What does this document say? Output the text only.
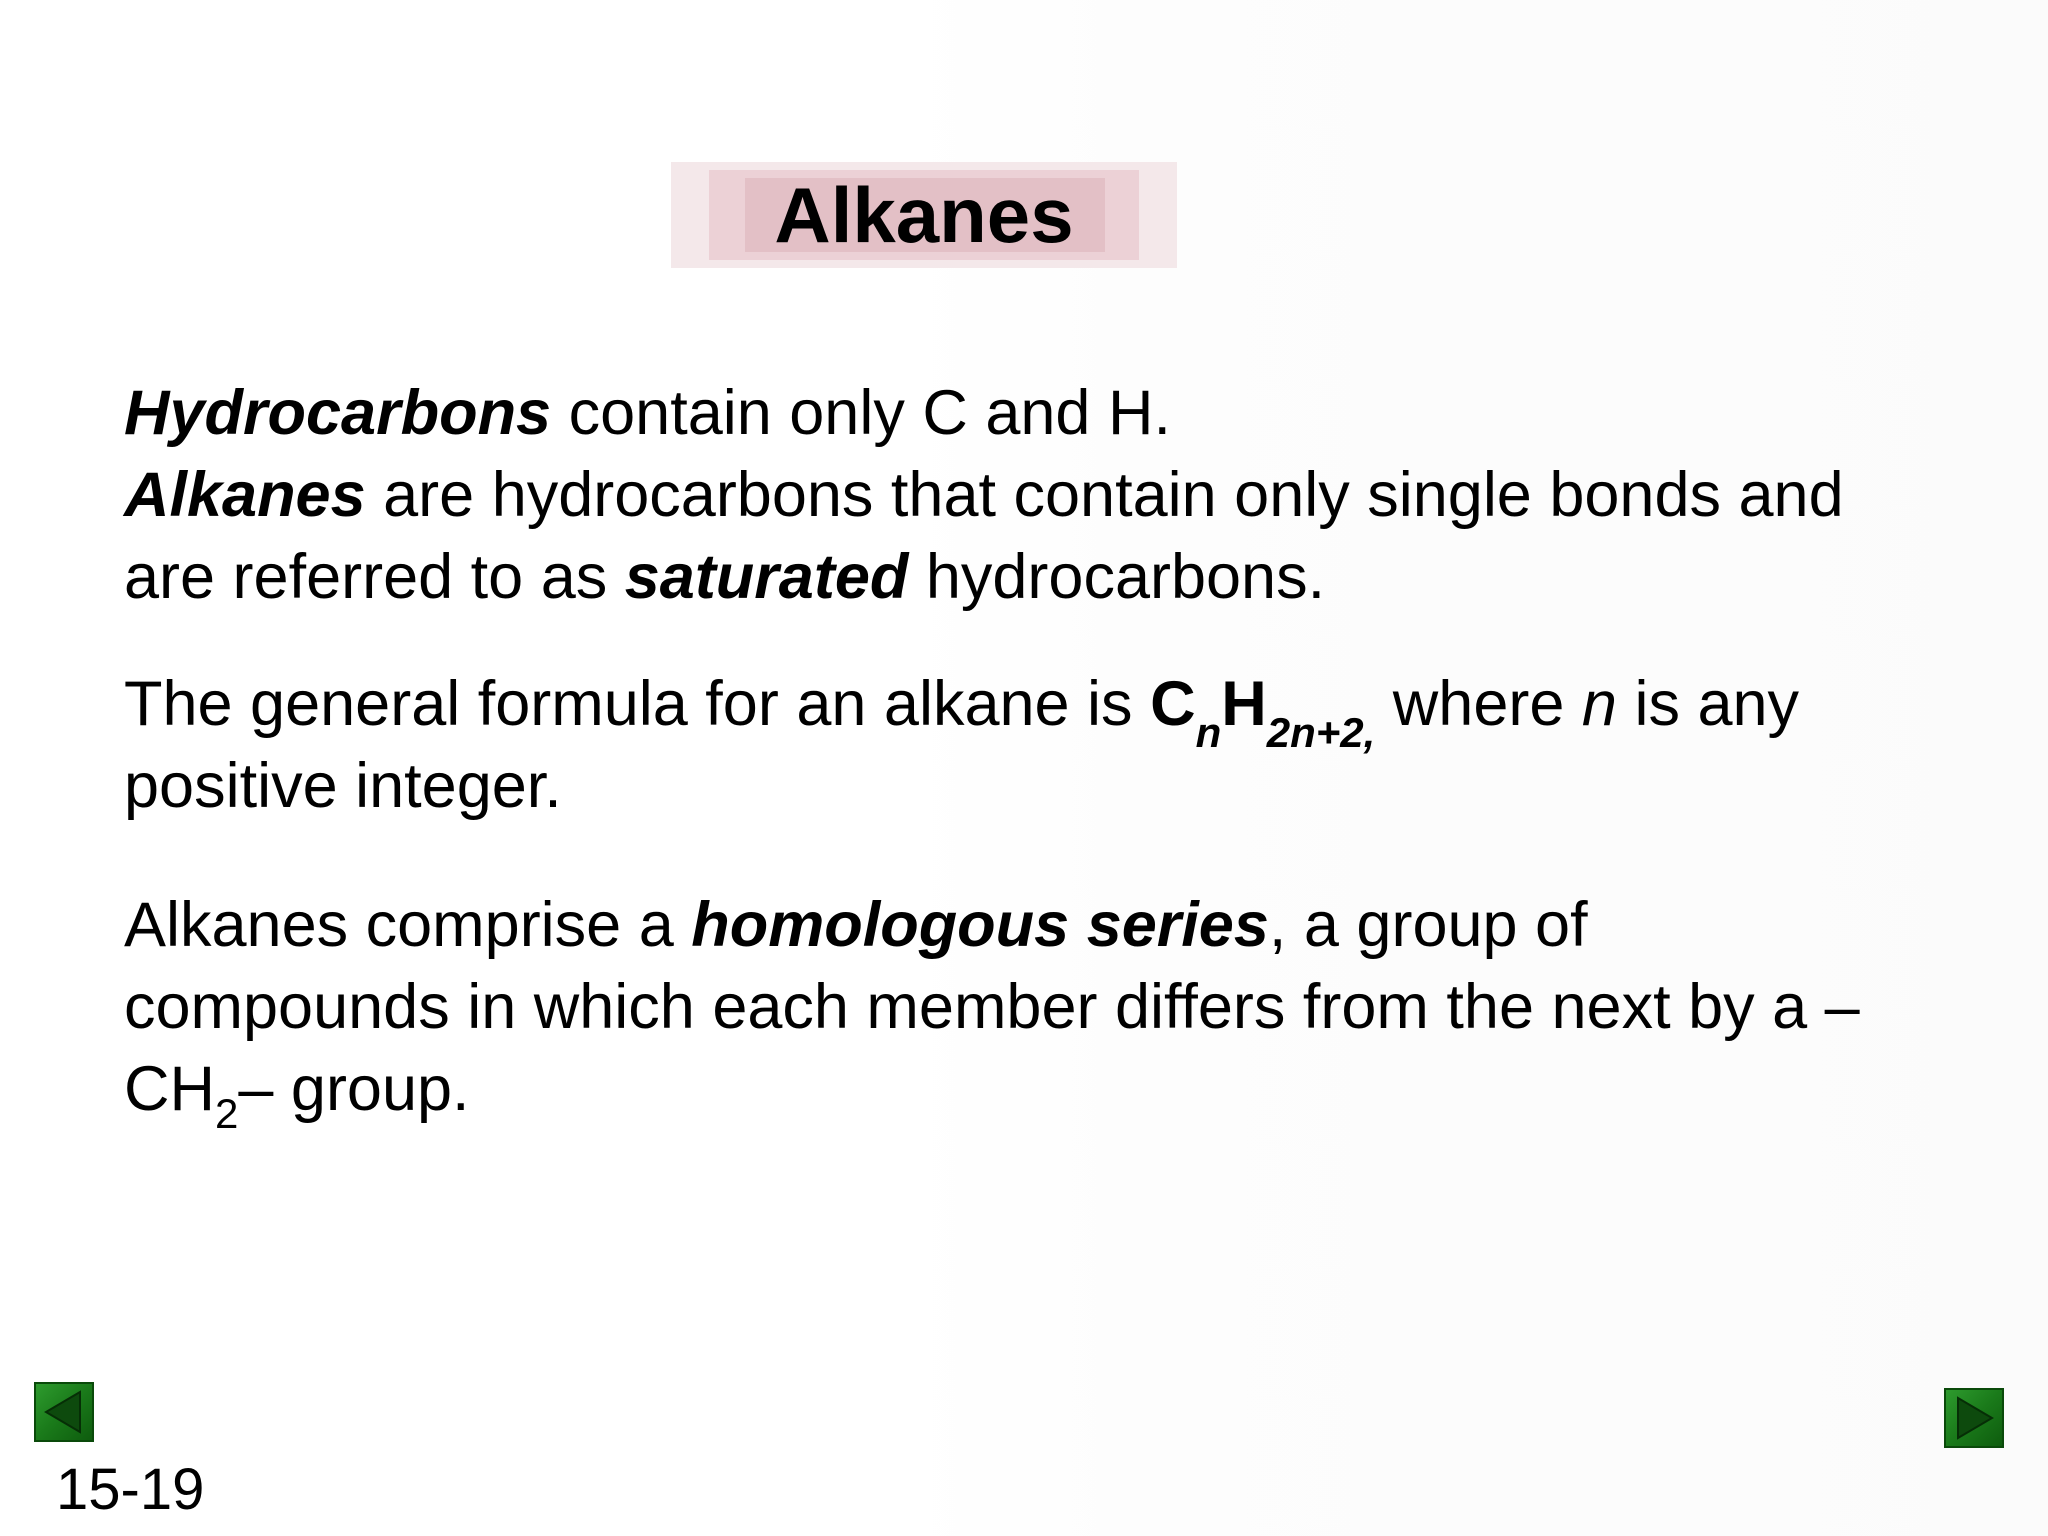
Alkanes
Hydrocarbons contain only C and H.
Alkanes are hydrocarbons that contain only single bonds and are referred to as saturated hydrocarbons.
The general formula for an alkane is $C_nH_{2n+2,}$ where n is any positive integer.
Alkanes comprise a homologous series, a group of compounds in which each member differs from the next by a $-CH_2-$ group.
15-19
